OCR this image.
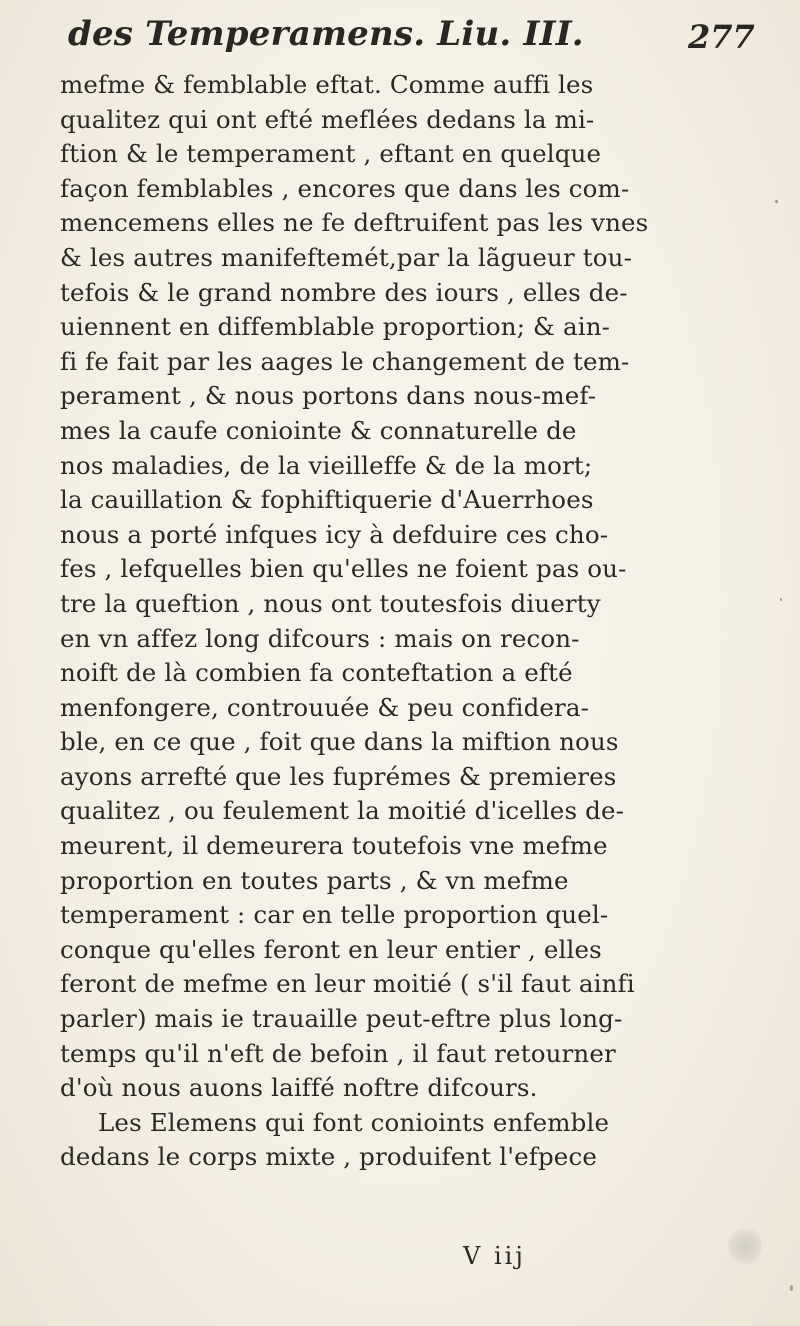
des Temperamens. Liu. III.	277
mefme & femblable eftat. Comme auffi les
qualitez qui ont efté meflées dedans la mi-
ftion & le temperament , eftant en quelque
façon femblables , encores que dans les com-
mencemens elles ne fe deftruifent pas les vnes
& les autres manifeftemét,par la lãgueur tou-
tefois & le grand nombre des iours , elles de-
uiennent en diffemblable proportion; & ain-
fi fe fait par les aages le changement de tem-
perament , & nous portons dans nous-mef-
mes la caufe coniointe & connaturelle de
nos maladies, de la vieilleffe & de la mort;
la cauillation & fophiftiquerie d'Auerrhoes
nous a porté infques icy à defduire ces cho-
fes , lefquelles bien qu'elles ne foient pas ou-
tre la queftion , nous ont toutesfois diuerty
en vn affez long difcours : mais on recon-
noift de là combien fa conteftation a efté
menfongere, controuuée & peu confidera-
ble, en ce que , foit que dans la miftion nous
ayons arrefté que les fuprémes & premieres
qualitez , ou feulement la moitié d'icelles de-
meurent, il demeurera toutefois vne mefme
proportion en toutes parts , & vn mefme
temperament : car en telle proportion quel-
conque qu'elles feront en leur entier , elles
feront de mefme en leur moitié ( s'il faut ainfi
parler) mais ie trauaille peut-eftre plus long-
temps qu'il n'eft de befoin , il faut retourner
d'où nous auons laiffé noftre difcours.
Les Elemens qui font conioints enfemble
dedans le corps mixte , produifent l'efpece
V iij
